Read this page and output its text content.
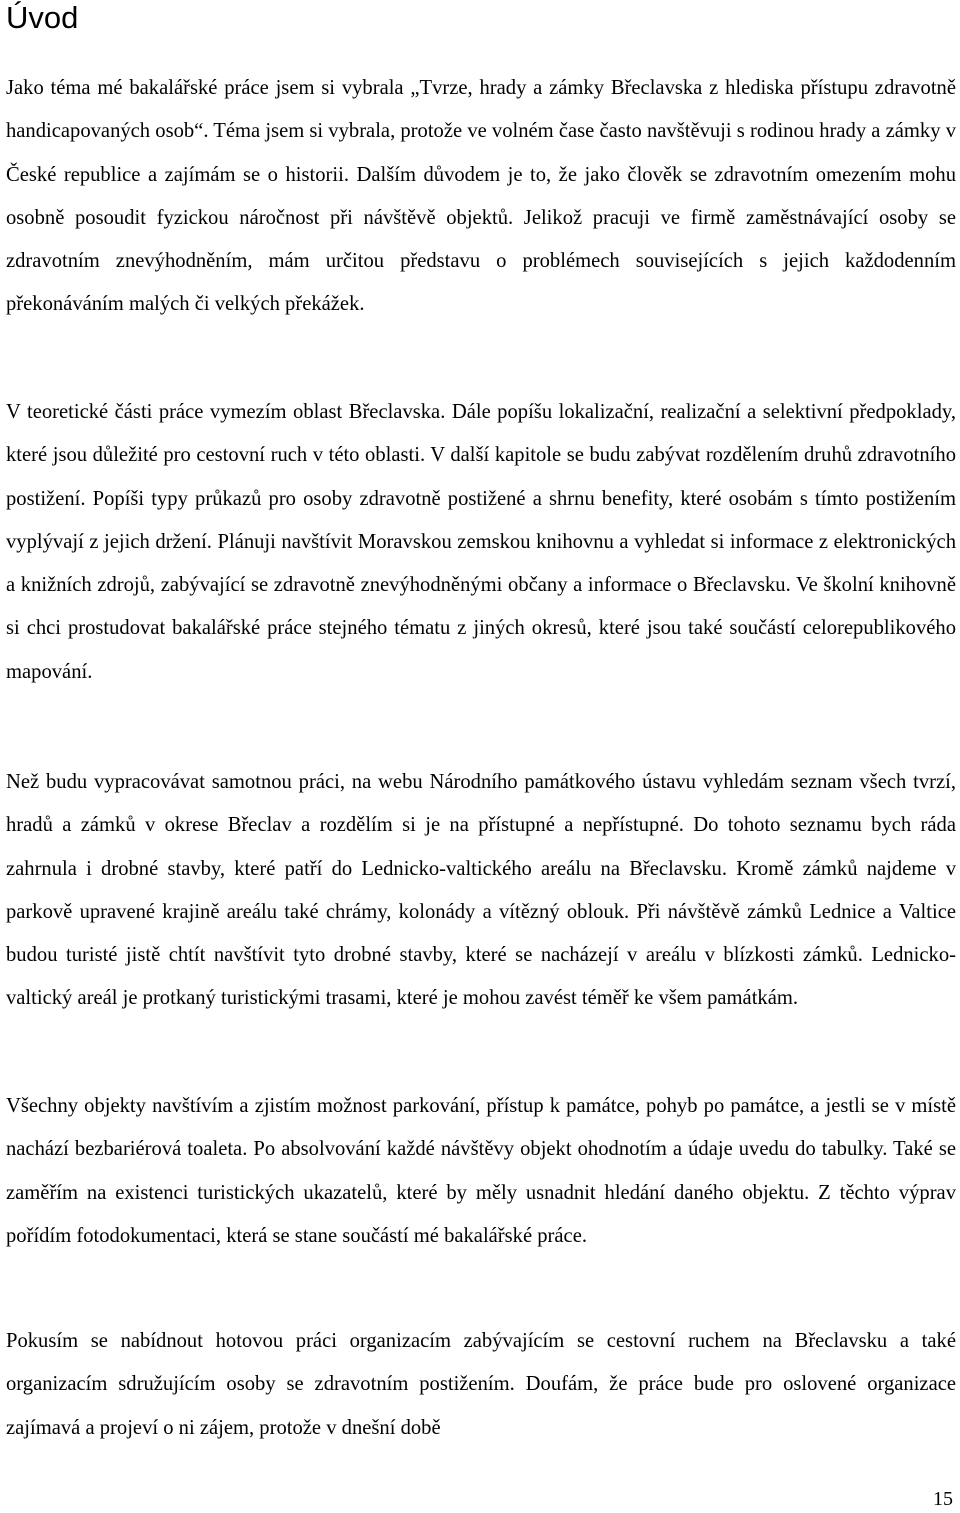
Úvod

Jako téma mé bakalářské práce jsem si vybrala „Tvrze, hrady a zámky Břeclavska z hlediska přístupu zdravotně handicapovaných osob“. Téma jsem si vybrala, protože ve volném čase často navštěvuji s rodinou hrady a zámky v České republice a zajímám se o historii. Dalším důvodem je to, že jako člověk se zdravotním omezením mohu osobně posoudit fyzickou náročnost při návštěvě objektů. Jelikož pracuji ve firmě zaměstnávající osoby se zdravotním znevýhodněním, mám určitou představu o problémech souvisejících s jejich každodenním překonáváním malých či velkých překážek.

V teoretické části práce vymezím oblast Břeclavska. Dále popíšu lokalizační, realizační a selektivní předpoklady, které jsou důležité pro cestovní ruch v této oblasti. V další kapitole se budu zabývat rozdělením druhů zdravotního postižení. Popíši typy průkazů pro osoby zdravotně postižené a shrnu benefity, které osobám s tímto postižením vyplývají z jejich držení. Plánuji navštívit Moravskou zemskou knihovnu a vyhledat si informace z elektronických a knižních zdrojů, zabývající se zdravotně znevýhodněnými občany a informace o Břeclavsku. Ve školní knihovně si chci prostudovat bakalářské práce stejného tématu z jiných okresů, které jsou také součástí celorepublikového mapování.

Než budu vypracovávat samotnou práci, na webu Národního památkového ústavu vyhledám seznam všech tvrzí, hradů a zámků v okrese Břeclav a rozdělím si je na přístupné a nepřístupné. Do tohoto seznamu bych ráda zahrnula i drobné stavby, které patří do Lednicko-valtického areálu na Břeclavsku. Kromě zámků najdeme v parkově upravené krajině areálu také chrámy, kolonády a vítězný oblouk. Při návštěvě zámků Lednice a Valtice budou turisté jistě chtít navštívit tyto drobné stavby, které se nacházejí v areálu v blízkosti zámků. Lednicko-valtický areál je protkaný turistickými trasami, které je mohou zavést téměř ke všem památkám.

Všechny objekty navštívím a zjistím možnost parkování, přístup k památce, pohyb po památce, a jestli se v místě nachází bezbariérová toaleta. Po absolvování každé návštěvy objekt ohodnotím a údaje uvedu do tabulky. Také se zaměřím na existenci turistických ukazatelů, které by měly usnadnit hledání daného objektu. Z těchto výprav pořídím fotodokumentaci, která se stane součástí mé bakalářské práce.

Pokusím se nabídnout hotovou práci organizacím zabývajícím se cestovní ruchem na Břeclavsku a také organizacím sdružujícím osoby se zdravotním postižením. Doufám, že práce bude pro oslovené organizace zajímavá a projeví o ni zájem, protože v dnešní době

15
